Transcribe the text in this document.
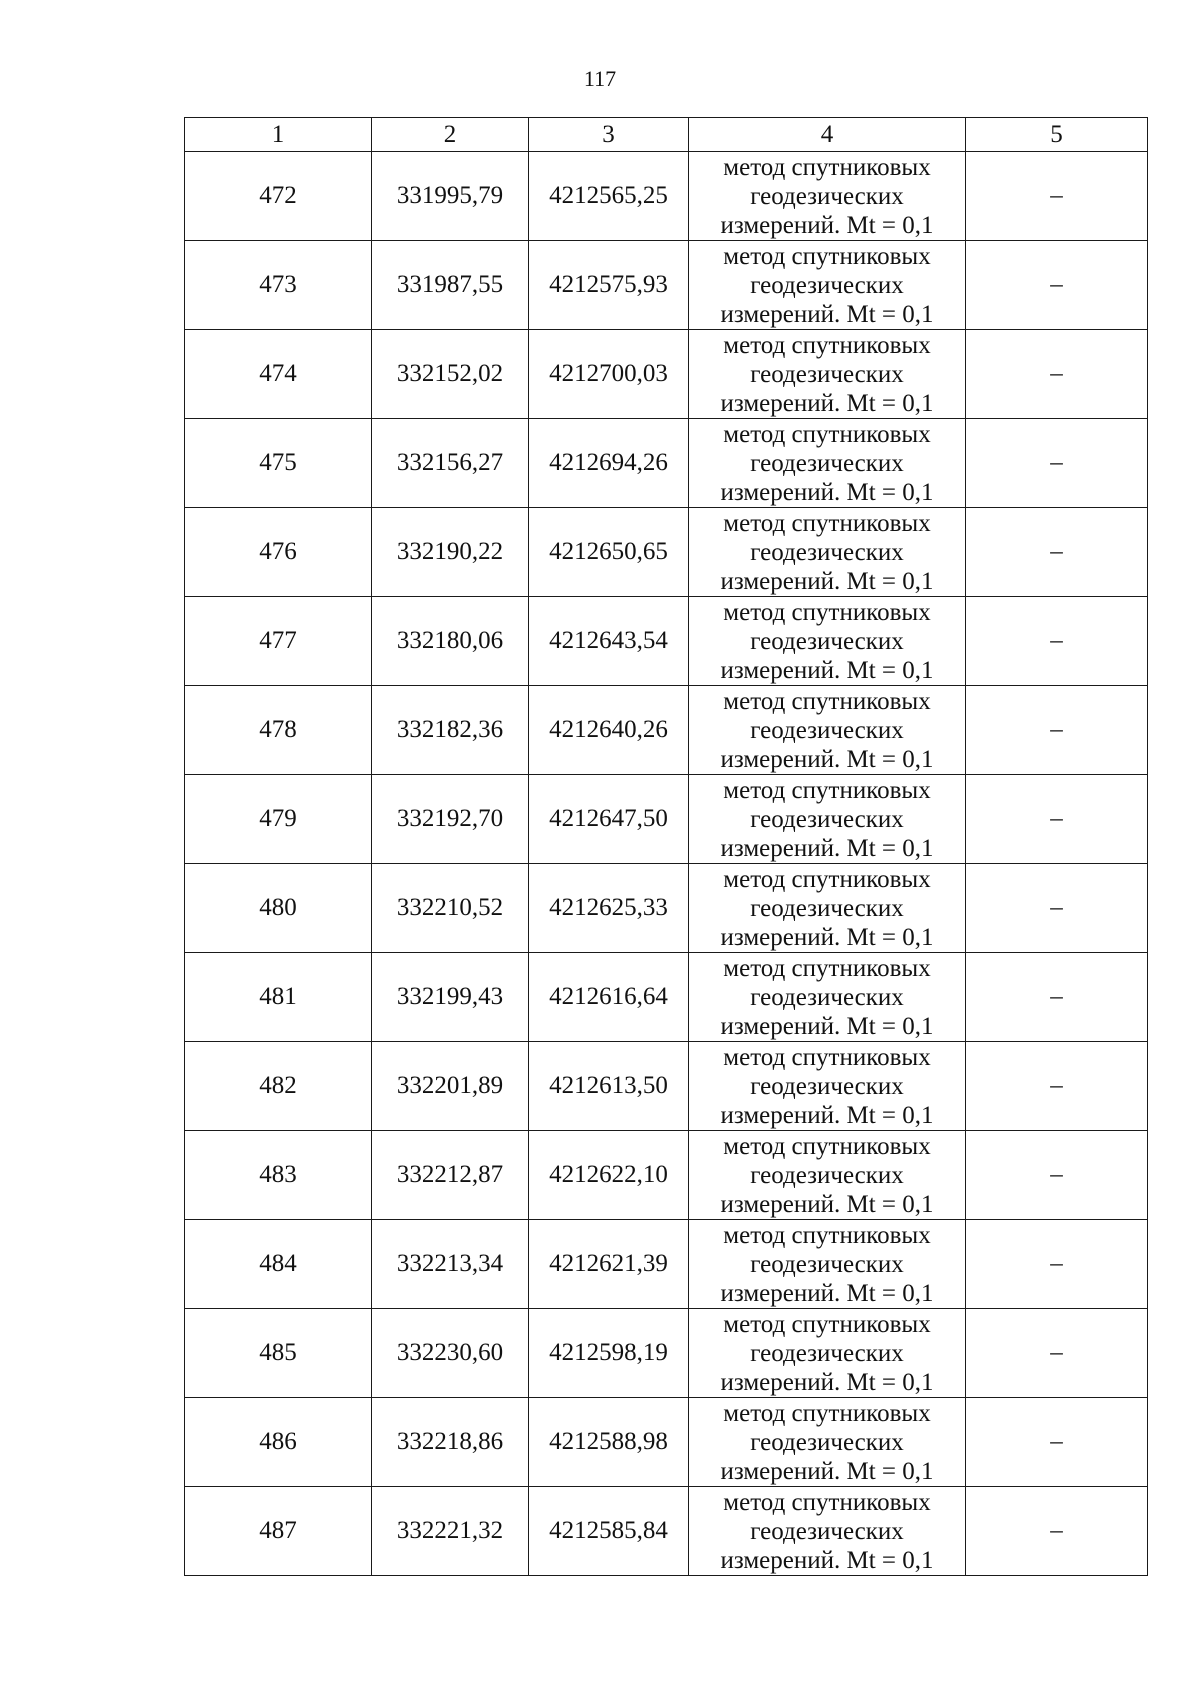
117
1	2	3	4	5
472	331995,79	4212565,25	метод спутниковых
геодезических
измерений. Mt = 0,1	–
473	331987,55	4212575,93	метод спутниковых
геодезических
измерений. Mt = 0,1	–
474	332152,02	4212700,03	метод спутниковых
геодезических
измерений. Mt = 0,1	–
475	332156,27	4212694,26	метод спутниковых
геодезических
измерений. Mt = 0,1	–
476	332190,22	4212650,65	метод спутниковых
геодезических
измерений. Mt = 0,1	–
477	332180,06	4212643,54	метод спутниковых
геодезических
измерений. Mt = 0,1	–
478	332182,36	4212640,26	метод спутниковых
геодезических
измерений. Mt = 0,1	–
479	332192,70	4212647,50	метод спутниковых
геодезических
измерений. Mt = 0,1	–
480	332210,52	4212625,33	метод спутниковых
геодезических
измерений. Mt = 0,1	–
481	332199,43	4212616,64	метод спутниковых
геодезических
измерений. Mt = 0,1	–
482	332201,89	4212613,50	метод спутниковых
геодезических
измерений. Mt = 0,1	–
483	332212,87	4212622,10	метод спутниковых
геодезических
измерений. Mt = 0,1	–
484	332213,34	4212621,39	метод спутниковых
геодезических
измерений. Mt = 0,1	–
485	332230,60	4212598,19	метод спутниковых
геодезических
измерений. Mt = 0,1	–
486	332218,86	4212588,98	метод спутниковых
геодезических
измерений. Mt = 0,1	–
487	332221,32	4212585,84	метод спутниковых
геодезических
измерений. Mt = 0,1	–
